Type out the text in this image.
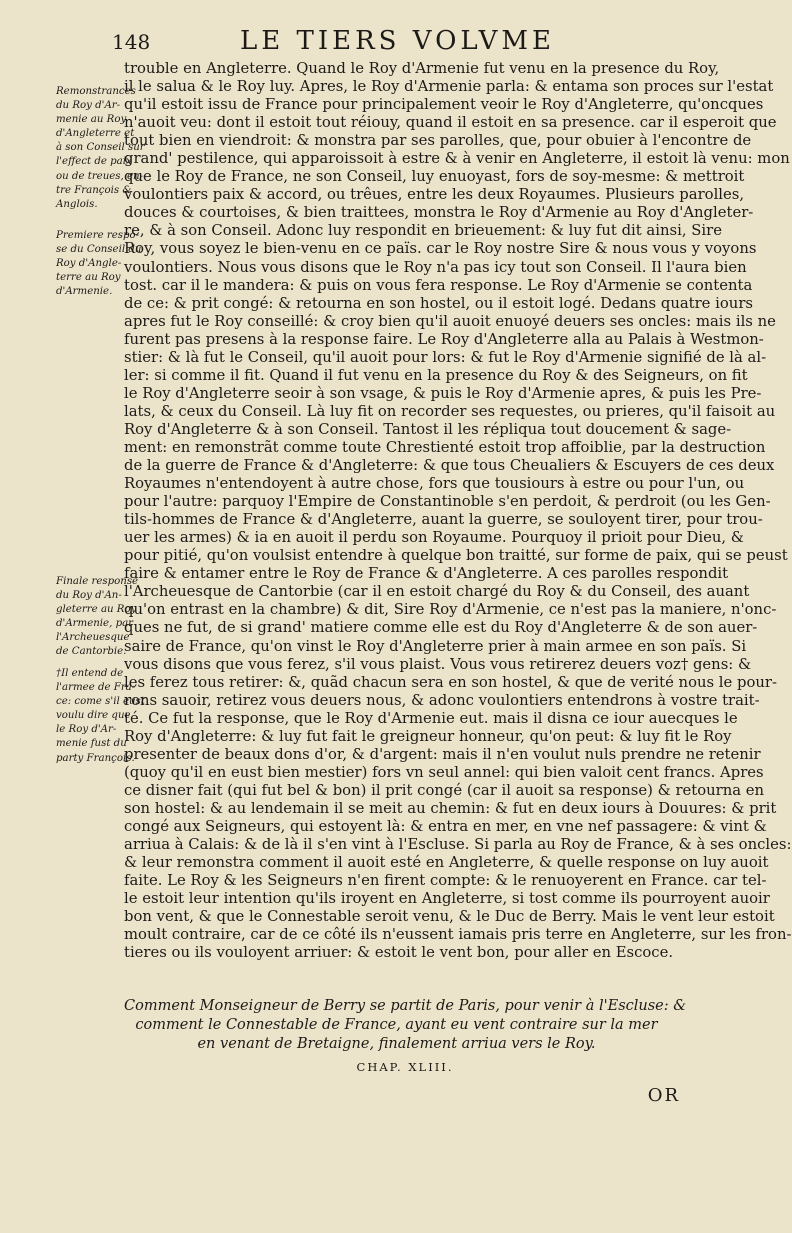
148	LE TIERS VOLVME
Remonstrances
du Roy d'Ar-
menie au Roy
d'Angleterre et
à son Conseil sur
l'effect de paix
ou de treues, en-
tre François &
Anglois.
Premiere respõ-
se du Conseil du
Roy d'Angle-
terre au Roy
d'Armenie.
Finale response
du Roy d'An-
gleterre au Roy
d'Armenie, par
l'Archeuesque
de Cantorbie.
†Il entend de
l'armee de Fra-
ce: come s'il eust
voulu dire que
le Roy d'Ar-
menie fust du
party François.
trouble en Angleterre. Quand le Roy d'Armenie fut venu en la presence du Roy,
il le salua & le Roy luy. Apres, le Roy d'Armenie parla: & entama son proces sur l'estat
qu'il estoit issu de France pour principalement veoir le Roy d'Angleterre, qu'oncques
n'auoit veu: dont il estoit tout réiouy, quand il estoit en sa presence. car il esperoit que
tout bien en viendroit: & monstra par ses parolles, que, pour obuier à l'encontre de
grand' pestilence, qui apparoissoit à estre & à venir en Angleterre, il estoit là venu: mon
que le Roy de France, ne son Conseil, luy enuoyast, fors de soy-mesme: & mettroit
voulontiers paix & accord, ou trêues, entre les deux Royaumes. Plusieurs parolles,
douces & courtoises, & bien traittees, monstra le Roy d'Armenie au Roy d'Angleter-
re, & à son Conseil. Adonc luy respondit en brieuement: & luy fut dit ainsi, Sire
Roy, vous soyez le bien-venu en ce païs. car le Roy nostre Sire & nous vous y voyons
voulontiers. Nous vous disons que le Roy n'a pas icy tout son Conseil. Il l'aura bien
tost. car il le mandera: & puis on vous fera response. Le Roy d'Armenie se contenta
de ce: & prit congé: & retourna en son hostel, ou il estoit logé. Dedans quatre iours
apres fut le Roy conseillé: & croy bien qu'il auoit enuoyé deuers ses oncles: mais ils ne
furent pas presens à la response faire. Le Roy d'Angleterre alla au Palais à Westmon-
stier: & là fut le Conseil, qu'il auoit pour lors: & fut le Roy d'Armenie signifié de là al-
ler: si comme il fit. Quand il fut venu en la presence du Roy & des Seigneurs, on fit
le Roy d'Angleterre seoir à son vsage, & puis le Roy d'Armenie apres, & puis les Pre-
lats, & ceux du Conseil. Là luy fit on recorder ses requestes, ou prieres, qu'il faisoit au
Roy d'Angleterre & à son Conseil. Tantost il les répliqua tout doucement & sage-
ment: en remonstrãt comme toute Chrestienté estoit trop affoiblie, par la destruction
de la guerre de France & d'Angleterre: & que tous Cheualiers & Escuyers de ces deux
Royaumes n'entendoyent à autre chose, fors que tousiours à estre ou pour l'un, ou
pour l'autre: parquoy l'Empire de Constantinoble s'en perdoit, & perdroit (ou les Gen-
tils-hommes de France & d'Angleterre, auant la guerre, se souloyent tirer, pour trou-
uer les armes) & ia en auoit il perdu son Royaume. Pourquoy il prioit pour Dieu, &
pour pitié, qu'on voulsist entendre à quelque bon traitté, sur forme de paix, qui se peust
faire & entamer entre le Roy de France & d'Angleterre. A ces parolles respondit
l'Archeuesque de Cantorbie (car il en estoit chargé du Roy & du Conseil, des auant
qu'on entrast en la chambre) & dit, Sire Roy d'Armenie, ce n'est pas la maniere, n'onc-
ques ne fut, de si grand' matiere comme elle est du Roy d'Angleterre & de son auer-
saire de France, qu'on vinst le Roy d'Angleterre prier à main armee en son païs. Si
vous disons que vous ferez, s'il vous plaist. Vous vous retirerez deuers voz† gens: &
les ferez tous retirer: &, quãd chacun sera en son hostel, & que de verité nous le pour-
rons sauoir, retirez vous deuers nous, & adonc voulontiers entendrons à vostre trait-
té. Ce fut la response, que le Roy d'Armenie eut. mais il disna ce iour auecques le
Roy d'Angleterre: & luy fut fait le greigneur honneur, qu'on peut: & luy fit le Roy
presenter de beaux dons d'or, & d'argent: mais il n'en voulut nuls prendre ne retenir
(quoy qu'il en eust bien mestier) fors vn seul annel: qui bien valoit cent francs. Apres
ce disner fait (qui fut bel & bon) il prit congé (car il auoit sa response) & retourna en
son hostel: & au lendemain il se meit au chemin: & fut en deux iours à Douures: & prit
congé aux Seigneurs, qui estoyent là: & entra en mer, en vne nef passagere: & vint &
arriua à Calais: & de là il s'en vint à l'Escluse. Si parla au Roy de France, & à ses oncles:
& leur remonstra comment il auoit esté en Angleterre, & quelle response on luy auoit
faite. Le Roy & les Seigneurs n'en firent compte: & le renuoyerent en France. car tel-
le estoit leur intention qu'ils iroyent en Angleterre, si tost comme ils pourroyent auoir
bon vent, & que le Connestable seroit venu, & le Duc de Berry. Mais le vent leur estoit
moult contraire, car de ce côté ils n'eussent iamais pris terre en Angleterre, sur les fron-
tieres ou ils vouloyent arriuer: & estoit le vent bon, pour aller en Escoce.
Comment Monseigneur de Berry se partit de Paris, pour venir à l'Escluse: &
comment le Connestable de France, ayant eu vent contraire sur la mer
en venant de Bretaigne, finalement arriua vers le Roy.
CHAP. XLIII.
OR
